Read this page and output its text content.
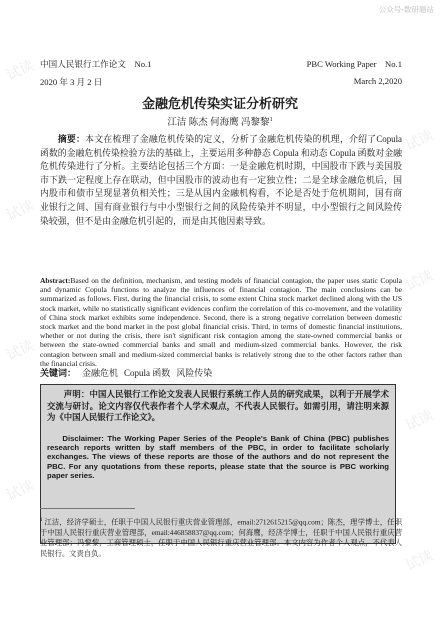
公众号-数研题站
试读
试读
试读
试读
试读
试读
试读
试读
中国人民银行工作论文　No.1	PBC Working Paper　No.1
2020 年 3 月 2 日	March 2,2020
金融危机传染实证分析研究
江洁 陈杰 何海鹰 冯黎黎$^1$
摘要：本文在梳理了金融危机传染的定义，分析了金融危机传染的机理，介绍了Copula 函数的金融危机传染检验方法的基础上，主要运用多种静态 Copula 和动态 Copula 函数对金融危机传染进行了分析。主要结论包括三个方面：一是金融危机时期，中国股市下跌与美国股市下跌一定程度上存在联动，但中国股市的波动也有一定独立性；二是全球金融危机后，国内股市和债市呈现显著负相关性；三是从国内金融机构看，不论是否处于危机期间，国有商业银行之间、国有商业银行与中小型银行之间的风险传染并不明显，中小型银行之间风险传染较强，但不是由金融危机引起的，而是由其他因素导致。
Abstract:Based on the definition, mechanism, and testing models of financial contagion, the paper uses static Copula and dynamic Copula functions to analyze the influences of financial contagion. The main conclusions can be summarized as follows. First, during the financial crisis, to some extent China stock market declined along with the US stock market, while no statistically significant evidences confirm the correlation of this co-movement, and the volatility of China stock market exhibits some independence. Second, there is a strong negative correlation between domestic stock market and the bond market in the post global financial crisis. Third, in terms of domestic financial institutions, whether or not during the crisis, there isn't significant risk contagion among the state-owned commercial banks or between the state-owned commercial banks and small and medium-sized commercial banks. However, the risk contagion between small and medium-sized commercial banks is relatively strong due to the other factors rather than the financial crisis.
关键词： 金融危机 Copula 函数 风险传染

声明：中国人民银行工作论文发表人民银行系统工作人员的研究成果，以利于开展学术交流与研讨。论文内容仅代表作者个人学术观点，不代表人民银行。如需引用，请注明来源为《中国人民银行工作论文》。

Disclaimer: The Working Paper Series of the People's Bank of China (PBC) publishes research reports written by staff members of the PBC, in order to facilitate scholarly exchanges. The views of these reports are those of the authors and do not represent the PBC. For any quotations from these reports, please state that the source is PBC working paper series.

$^1$ 江洁，经济学硕士，任职于中国人民银行重庆营业管理部，email:2712615215@qq.com；陈杰，理学博士，任职于中国人民银行重庆营业管理部，email:446858837@qq.com；何海鹰，经济学博士，任职于中国人民银行重庆营业管理部；冯黎黎，工商管理硕士，任职于中国人民银行重庆营业管理部。本文内容为作者个人观点，不代表人民银行。文责自负。
